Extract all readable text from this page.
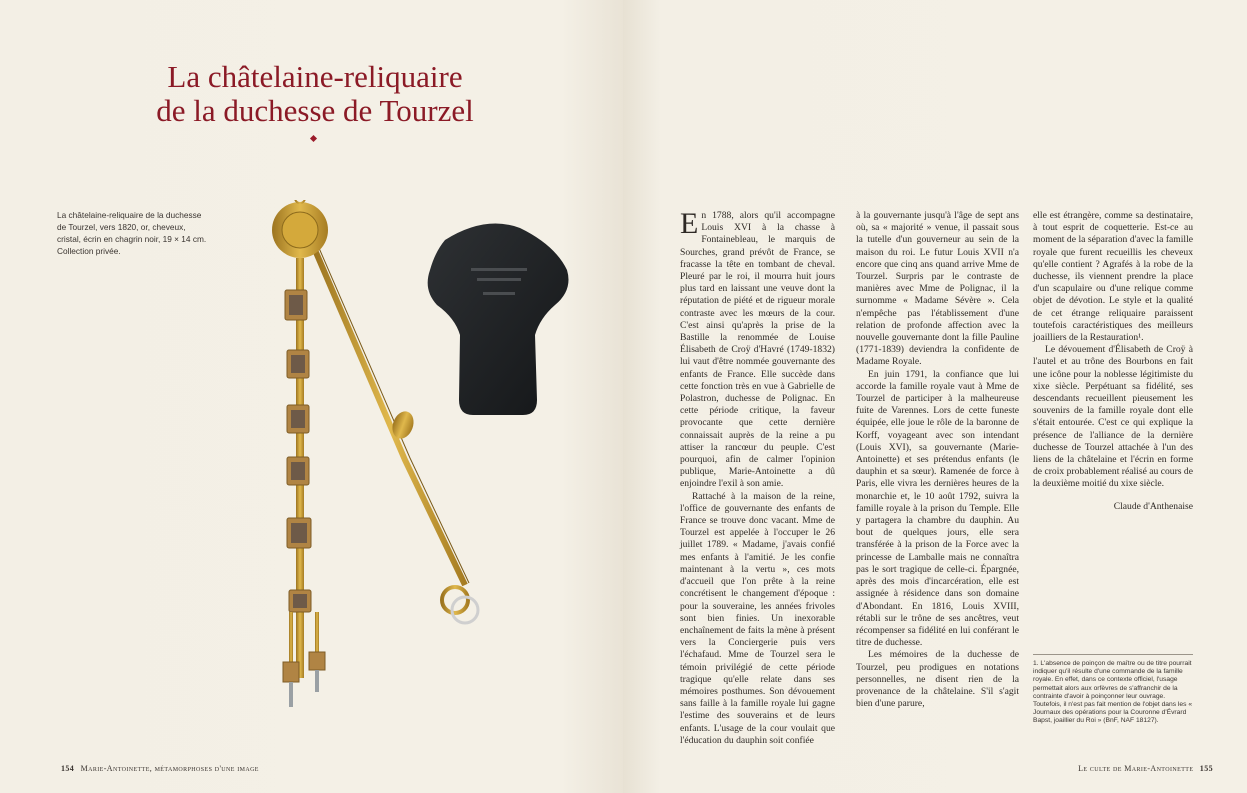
La châtelaine-reliquaire
de la duchesse de Tourzel
La châtelaine-reliquaire de la duchesse de Tourzel, vers 1820, or, cheveux, cristal, écrin en chagrin noir, 19 × 14 cm. Collection privée.
154 Marie-Antoinette, métamorphoses d'une image

En 1788, alors qu'il accompagne Louis XVI à la chasse à Fontainebleau, le marquis de Sourches, grand prévôt de France, se fracasse la tête en tombant de cheval. Pleuré par le roi, il mourra huit jours plus tard en laissant une veuve dont la réputation de piété et de rigueur morale contraste avec les mœurs de la cour. C'est ainsi qu'après la prise de la Bastille la renommée de Louise Élisabeth de Croÿ d'Havré (1749-1832) lui vaut d'être nommée gouvernante des enfants de France. Elle succède dans cette fonction très en vue à Gabrielle de Polastron, duchesse de Polignac. En cette période critique, la faveur provocante que cette dernière connaissait auprès de la reine a pu attiser la rancœur du peuple. C'est pourquoi, afin de calmer l'opinion publique, Marie-Antoinette a dû enjoindre l'exil à son amie.

Rattaché à la maison de la reine, l'office de gouvernante des enfants de France se trouve donc vacant. Mme de Tourzel est appelée à l'occuper le 26 juillet 1789. « Madame, j'avais confié mes enfants à l'amitié. Je les confie maintenant à la vertu », ces mots d'accueil que l'on prête à la reine concrétisent le changement d'époque : pour la souveraine, les années frivoles sont bien finies. Un inexorable enchaînement de faits la mène à présent vers la Conciergerie puis vers l'échafaud. Mme de Tourzel sera le témoin privilégié de cette période tragique qu'elle relate dans ses mémoires posthumes. Son dévouement sans faille à la famille royale lui gagne l'estime des souverains et de leurs enfants. L'usage de la cour voulait que l'éducation du dauphin soit confiée

à la gouvernante jusqu'à l'âge de sept ans où, sa « majorité » venue, il passait sous la tutelle d'un gouverneur au sein de la maison du roi. Le futur Louis XVII n'a encore que cinq ans quand arrive Mme de Tourzel. Surpris par le contraste de manières avec Mme de Polignac, il la surnomme « Madame Sévère ». Cela n'empêche pas l'établissement d'une relation de profonde affection avec la nouvelle gouvernante dont la fille Pauline (1771-1839) deviendra la confidente de Madame Royale.

En juin 1791, la confiance que lui accorde la famille royale vaut à Mme de Tourzel de participer à la malheureuse fuite de Varennes. Lors de cette funeste équipée, elle joue le rôle de la baronne de Korff, voyageant avec son intendant (Louis XVI), sa gouvernante (Marie-Antoinette) et ses prétendus enfants (le dauphin et sa sœur). Ramenée de force à Paris, elle vivra les dernières heures de la monarchie et, le 10 août 1792, suivra la famille royale à la prison du Temple. Elle y partagera la chambre du dauphin. Au bout de quelques jours, elle sera transférée à la prison de la Force avec la princesse de Lamballe mais ne connaîtra pas le sort tragique de celle-ci. Épargnée, après des mois d'incarcération, elle est assignée à résidence dans son domaine d'Abondant. En 1816, Louis XVIII, rétabli sur le trône de ses ancêtres, veut récompenser sa fidélité en lui conférant le titre de duchesse.

Les mémoires de la duchesse de Tourzel, peu prodigues en notations personnelles, ne disent rien de la provenance de la châtelaine. S'il s'agit bien d'une parure,

elle est étrangère, comme sa destinataire, à tout esprit de coquetterie. Est-ce au moment de la séparation d'avec la famille royale que furent recueillis les cheveux qu'elle contient ? Agrafés à la robe de la duchesse, ils viennent prendre la place d'un scapulaire ou d'une relique comme objet de dévotion. Le style et la qualité de cet étrange reliquaire paraissent toutefois caractéristiques des meilleurs joailliers de la Restauration¹.

Le dévouement d'Élisabeth de Croÿ à l'autel et au trône des Bourbons en fait une icône pour la noblesse légitimiste du xixe siècle. Perpétuant sa fidélité, ses descendants recueillent pieusement les souvenirs de la famille royale dont elle s'était entourée. C'est ce qui explique la présence de l'alliance de la dernière duchesse de Tourzel attachée à l'un des liens de la châtelaine et l'écrin en forme de croix probablement réalisé au cours de la deuxième moitié du xixe siècle.

Claude d'Anthenaise

1. L'absence de poinçon de maître ou de titre pourrait indiquer qu'il résulte d'une commande de la famille royale. En effet, dans ce contexte officiel, l'usage permettait alors aux orfèvres de s'affranchir de la contrainte d'avoir à poinçonner leur ouvrage. Toutefois, il n'est pas fait mention de l'objet dans les « Journaux des opérations pour la Couronne d'Évrard Bapst, joaillier du Roi » (BnF, NAF 18127).
Le culte de Marie-Antoinette 155
